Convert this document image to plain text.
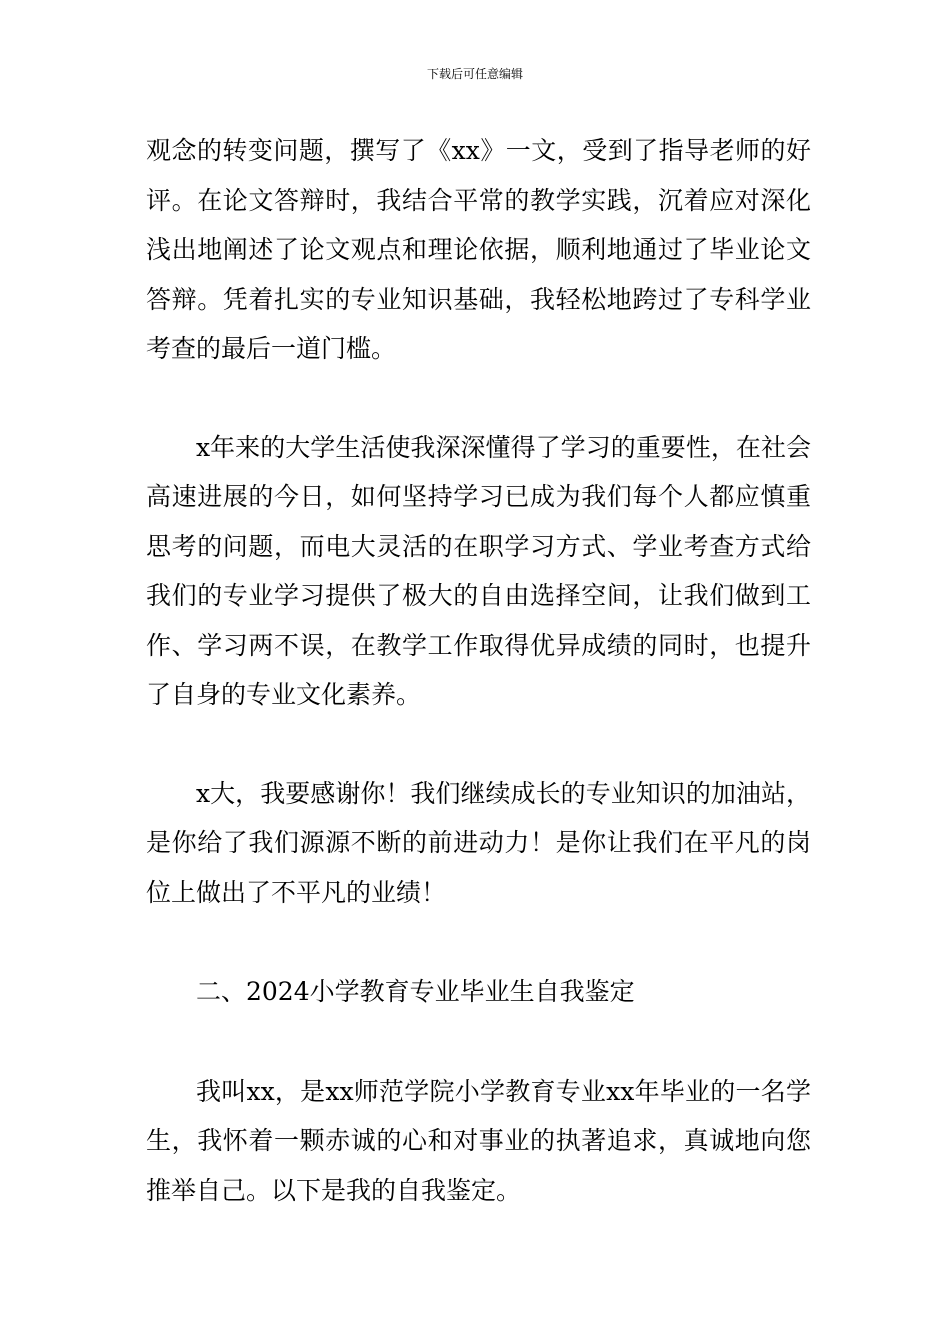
下载后可任意编辑

观念的转变问题，撰写了《xx》一文，受到了指导老师的好评。在论文答辩时，我结合平常的教学实践，沉着应对深化浅出地阐述了论文观点和理论依据，顺利地通过了毕业论文答辩。凭着扎实的专业知识基础，我轻松地跨过了专科学业考查的最后一道门槛。

x年来的大学生活使我深深懂得了学习的重要性，在社会高速进展的今日，如何坚持学习已成为我们每个人都应慎重思考的问题，而电大灵活的在职学习方式、学业考查方式给我们的专业学习提供了极大的自由选择空间，让我们做到工作、学习两不误，在教学工作取得优异成绩的同时，也提升了自身的专业文化素养。

x大，我要感谢你！我们继续成长的专业知识的加油站，是你给了我们源源不断的前进动力！是你让我们在平凡的岗位上做出了不平凡的业绩！

二、2024小学教育专业毕业生自我鉴定

我叫xx，是xx师范学院小学教育专业xx年毕业的一名学生，我怀着一颗赤诚的心和对事业的执著追求，真诚地向您推举自己。以下是我的自我鉴定。
